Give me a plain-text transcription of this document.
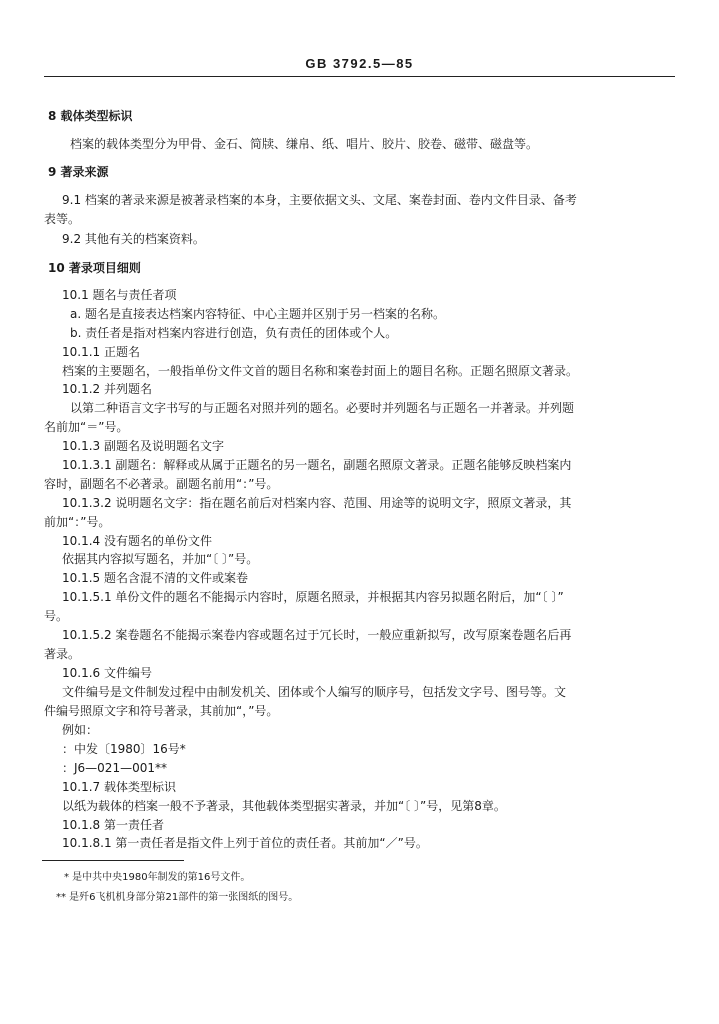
GB 3792.5—85
8 载体类型标识
档案的载体类型分为甲骨、金石、简牍、缣帛、纸、唱片、胶片、胶卷、磁带、磁盘等。
9 著录来源
9.1 档案的著录来源是被著录档案的本身，主要依据文头、文尾、案卷封面、卷内文件目录、备考
表等。
9.2 其他有关的档案资料。
10 著录项目细则
10.1 题名与责任者项
a. 题名是直接表达档案内容特征、中心主题并区别于另一档案的名称。
b. 责任者是指对档案内容进行创造，负有责任的团体或个人。
10.1.1 正题名
档案的主要题名，一般指单份文件文首的题目名称和案卷封面上的题目名称。正题名照原文著录。
10.1.2 并列题名
以第二种语言文字书写的与正题名对照并列的题名。必要时并列题名与正题名一并著录。并列题
名前加“＝”号。
10.1.3 副题名及说明题名文字
10.1.3.1 副题名：解释或从属于正题名的另一题名，副题名照原文著录。正题名能够反映档案内
容时，副题名不必著录。副题名前用“：”号。
10.1.3.2 说明题名文字：指在题名前后对档案内容、范围、用途等的说明文字，照原文著录，其
前加“：”号。
10.1.4 没有题名的单份文件
依据其内容拟写题名，并加“〔 〕”号。
10.1.5 题名含混不清的文件或案卷
10.1.5.1 单份文件的题名不能揭示内容时，原题名照录，并根据其内容另拟题名附后，加“〔 〕”
号。
10.1.5.2 案卷题名不能揭示案卷内容或题名过于冗长时，一般应重新拟写，改写原案卷题名后再
著录。
10.1.6 文件编号
文件编号是文件制发过程中由制发机关、团体或个人编写的顺序号，包括发文字号、图号等。文
件编号照原文字和符号著录，其前加“，”号。
例如：
：中发〔1980〕16号*
：J6—021—001**
10.1.7 载体类型标识
以纸为载体的档案一般不予著录，其他载体类型据实著录，并加“〔 〕”号，见第8章。
10.1.8 第一责任者
10.1.8.1 第一责任者是指文件上列于首位的责任者。其前加“／”号。
* 是中共中央1980年制发的第16号文件。
** 是歼6飞机机身部分第21部件的第一张图纸的图号。
